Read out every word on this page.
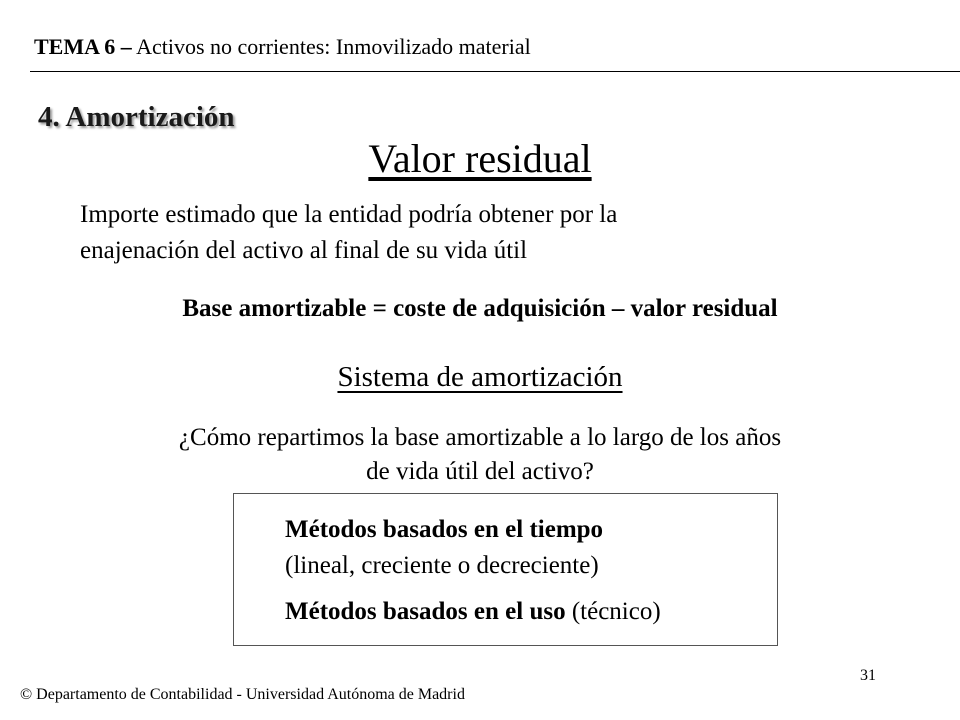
TEMA 6 – Activos no corrientes: Inmovilizado material
4. Amortización
Valor residual
Importe estimado que la entidad podría obtener por la
enajenación del activo al final de su vida útil
Base amortizable = coste de adquisición – valor residual
Sistema de amortización
¿Cómo repartimos la base amortizable a lo largo de los años
de vida útil del activo?
Métodos basados en el tiempo
(lineal, creciente o decreciente)
Métodos basados en el uso (técnico)
31
© Departamento de Contabilidad - Universidad Autónoma de Madrid
